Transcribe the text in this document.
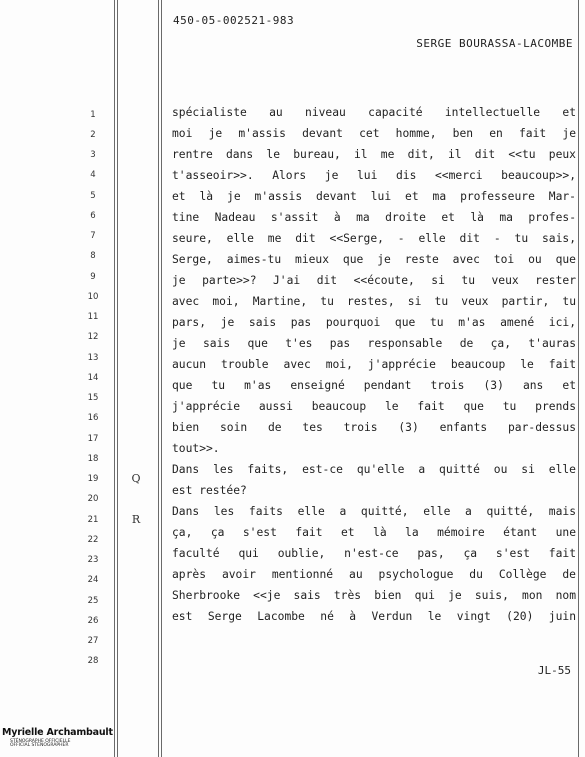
450-05-002521-983
SERGE BOURASSA-LACOMBE
1
2
3
4
5
6
7
8
9
10
11
12
13
14
15
16
17
18
19
20
21
22
23
24
25
26
27
28
Q
R
spécialiste au niveau capacité intellectuelle et
moi je m'assis devant cet homme, ben en fait je
rentre dans le bureau, il me dit, il dit <<tu peux
t'asseoir>>. Alors je lui dis <<merci beaucoup>>,
et là je m'assis devant lui et ma professeure Mar-
tine Nadeau s'assit à ma droite et là ma profes-
seure, elle me dit <<Serge, - elle dit - tu sais,
Serge, aimes-tu mieux que je reste avec toi ou que
je parte>>? J'ai dit <<écoute, si tu veux rester
avec moi, Martine, tu restes, si tu veux partir, tu
pars, je sais pas pourquoi que tu m'as amené ici,
je sais que t'es pas responsable de ça, t'auras
aucun trouble avec moi, j'apprécie beaucoup le fait
que tu m'as enseigné pendant trois (3) ans et
j'apprécie aussi beaucoup le fait que tu prends
bien soin de tes trois (3) enfants par-dessus
tout>>.
Dans les faits, est-ce qu'elle a quitté ou si elle
est restée?
Dans les faits elle a quitté, elle a quitté, mais
ça, ça s'est fait et là la mémoire étant une
faculté qui oublie, n'est-ce pas, ça s'est fait
après avoir mentionné au psychologue du Collège de
Sherbrooke <<je sais très bien qui je suis, mon nom
est Serge Lacombe né à Verdun le vingt (20) juin
JL-55
Myrielle Archambault
STÉNOGRAPHE OFFICIELLE
OFFICIAL STENOGRAPHER
